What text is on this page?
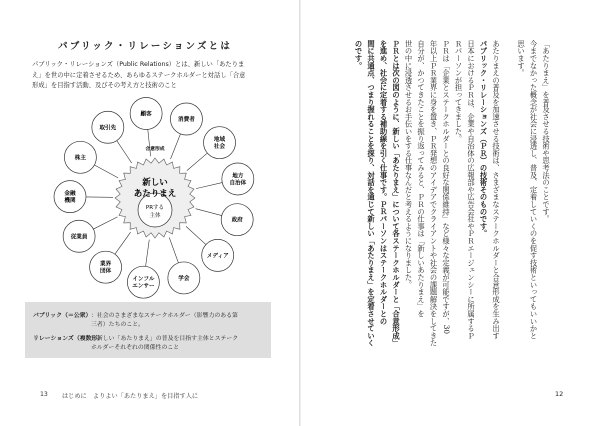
パブリック・リレーションズとは

パブリック・リレーションズ（Public Relations）とは、新しい「あたりま

え」を世の中に定着させるため、あらゆるステークホルダーと対話し「合意

形成」を目指す活動、及びその考え方と技術のこと

新しい
あたりまえ
PRする
主体
合意形成
顧客
消費者
地域
社会
地方
自治体
政府
メディア
学会
インフル
エンサー
業界
団体
従業員
金融
機関
株主
取引先
パブリック（＝公衆） ：社会のさまざまなステークホルダー（影響力のある第
三者）たちのこと。
リレーションズ（複数形）
：新しい「あたりまえ」の普及を目指す主体とステーク
ホルダーそれぞれの関係性のこと
13 はじめに　よりよい「あたりまえ」を目指す人に
「あたりまえ」を普及させる技術や思考法のことです。
今までなかった概念が社会に浸透し、普及、定着していくのを促す技術といってもいいかと
思います。
あたりまえの普及を加速させる技術は、さまざまなステークホルダーと合意形成を生み出す
パブリック・リレーションズ（ＰＲ）の技術そのものです。
日本におけるＰＲは、企業や自治体の広報部や広告会社やＰＲエージェンシーに所属するＰ
Ｒパーソンが担ってきました。
ＰＲは「企業とステークホルダーとの良好な関係維持」など様々な定義が可能ですが、30
年以上ＰＲ業界に身を置き、ＰＲ発想のアイデアでクライアントや社会の課題解決をしてきた
自分が、かつてきたことを振り返ってみると、ＰＲの仕事は「新しいあたりまえ」を
世の中に浸透させるお手伝いをする仕事なんだと考えるようになりました。
ＰＲとは次の図のように、新しい「あたりまえ」について各ステークホルダーと「合意形成」
を進め、社会に定着する補助線を引く仕事です。ＰＲパーソンはステークホルダーとの
間に共通点、つまり握れることを探り、対話を通じて新しい「あたりまえ」を定着させていく
のです。
12
